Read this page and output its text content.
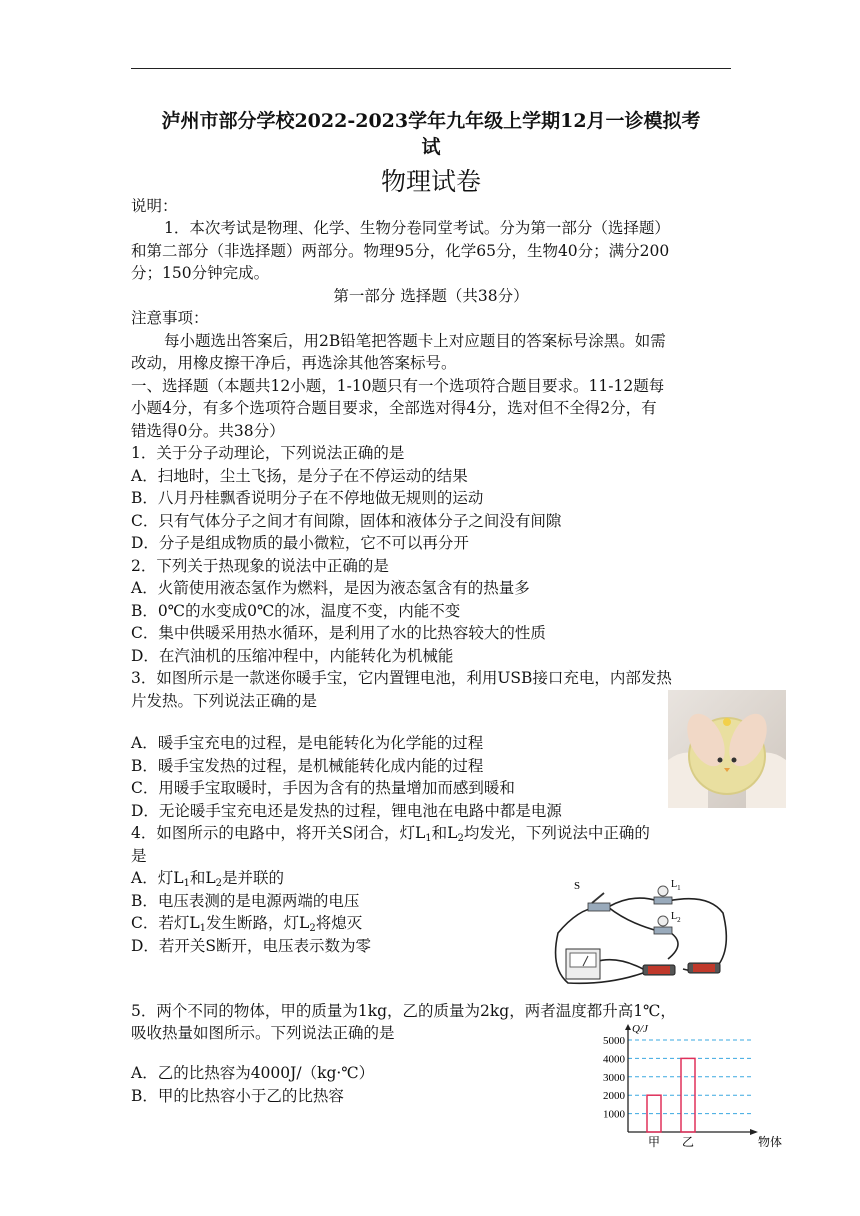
泸州市部分学校2022-2023学年九年级上学期12月一诊模拟考
试
物理试卷
说明：
1．本次考试是物理、化学、生物分卷同堂考试。分为第一部分（选择题）
和第二部分（非选择题）两部分。物理95分，化学65分，生物40分；满分200
分；150分钟完成。
第一部分 选择题（共38分）
注意事项：
每小题选出答案后，用2B铅笔把答题卡上对应题目的答案标号涂黑。如需
改动，用橡皮擦干净后，再选涂其他答案标号。
一、选择题（本题共12小题，1-10题只有一个选项符合题目要求。11-12题每
小题4分，有多个选项符合题目要求，全部选对得4分，选对但不全得2分，有
错选得0分。共38分）
1．关于分子动理论，下列说法正确的是
A．扫地时，尘土飞扬，是分子在不停运动的结果
B．八月丹桂飘香说明分子在不停地做无规则的运动
C．只有气体分子之间才有间隙，固体和液体分子之间没有间隙
D．分子是组成物质的最小微粒，它不可以再分开
2．下列关于热现象的说法中正确的是
A．火箭使用液态氢作为燃料，是因为液态氢含有的热量多
B．0℃的水变成0℃的冰，温度不变，内能不变
C．集中供暖采用热水循环，是利用了水的比热容较大的性质
D．在汽油机的压缩冲程中，内能转化为机械能
3．如图所示是一款迷你暖手宝，它内置锂电池，利用USB接口充电，内部发热
片发热。下列说法正确的是
A．暖手宝充电的过程，是电能转化为化学能的过程
B．暖手宝发热的过程，是机械能转化成内能的过程
C．用暖手宝取暖时，手因为含有的热量增加而感到暖和
D．无论暖手宝充电还是发热的过程，锂电池在电路中都是电源
4．如图所示的电路中，将开关S闭合，灯$L_1$和$L_2$均发光，下列说法中正确的
是
A．灯$L_1$和$L_2$是并联的
B．电压表测的是电源两端的电压
C．若灯$L_1$发生断路，灯$L_2$将熄灭
D．若开关S断开，电压表示数为零
S	$L_1$
$L_2$
5．两个不同的物体，甲的质量为1kg，乙的质量为2kg，两者温度都升高1℃，
吸收热量如图所示。下列说法正确的是
A．乙的比热容为4000J/（kg·℃）
B．甲的比热容小于乙的比热容
5000
4000
3000
2000
1000
Q/J
物体
甲 乙
